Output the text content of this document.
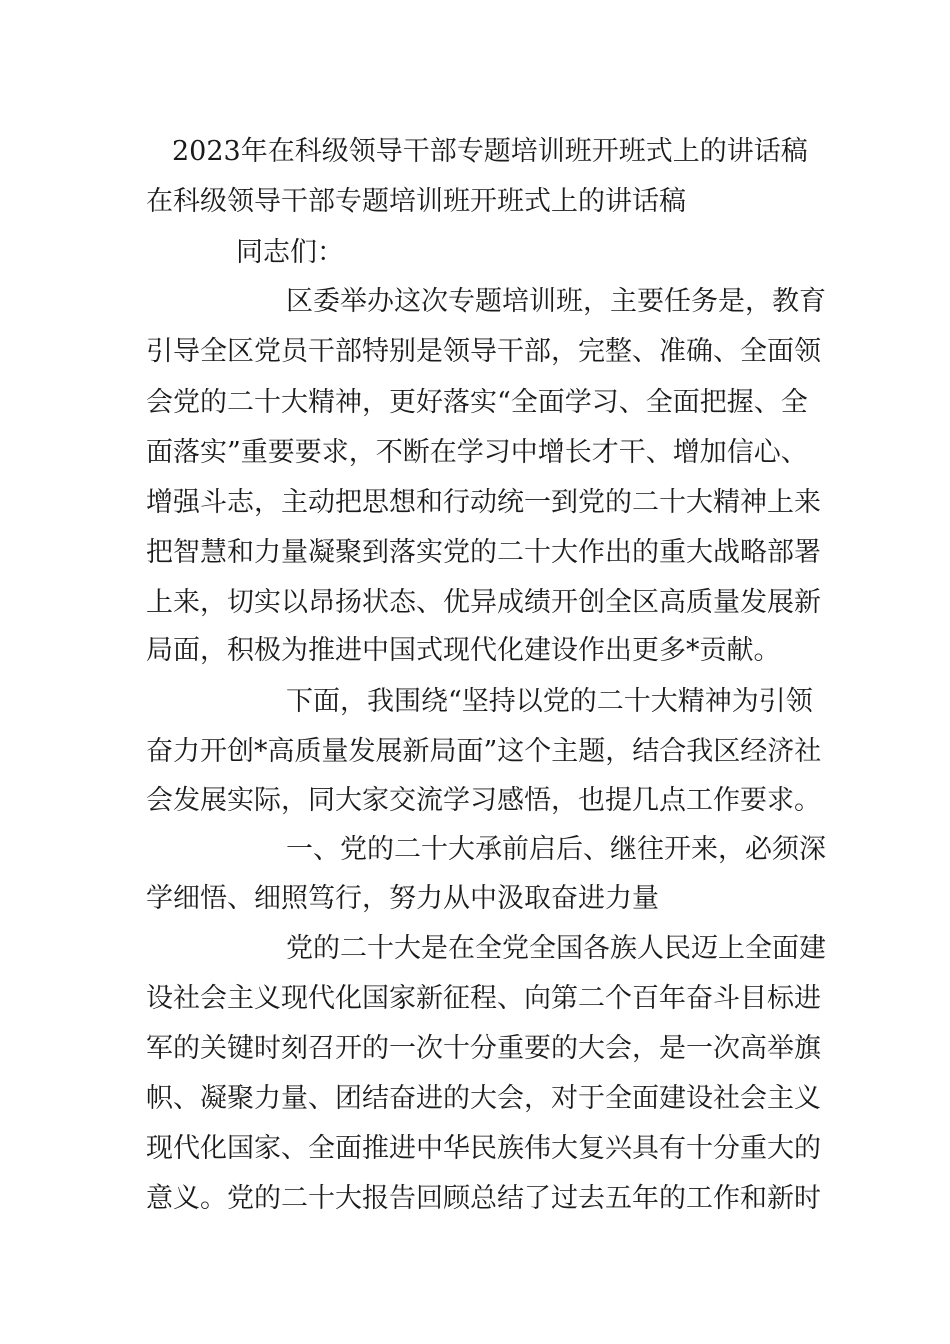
2023年在科级领导干部专题培训班开班式上的讲话稿
在科级领导干部专题培训班开班式上的讲话稿
同志们：
区委举办这次专题培训班，主要任务是，教育
引导全区党员干部特别是领导干部，完整、准确、全面领
会党的二十大精神，更好落实“全面学习、全面把握、全
面落实”重要要求，不断在学习中增长才干、增加信心、
增强斗志，主动把思想和行动统一到党的二十大精神上来
把智慧和力量凝聚到落实党的二十大作出的重大战略部署
上来，切实以昂扬状态、优异成绩开创全区高质量发展新
局面，积极为推进中国式现代化建设作出更多*贡献。
下面，我围绕“坚持以党的二十大精神为引领
奋力开创*高质量发展新局面”这个主题，结合我区经济社
会发展实际，同大家交流学习感悟，也提几点工作要求。
一、党的二十大承前启后、继往开来，必须深
学细悟、细照笃行，努力从中汲取奋进力量
党的二十大是在全党全国各族人民迈上全面建
设社会主义现代化国家新征程、向第二个百年奋斗目标进
军的关键时刻召开的一次十分重要的大会，是一次高举旗
帜、凝聚力量、团结奋进的大会，对于全面建设社会主义
现代化国家、全面推进中华民族伟大复兴具有十分重大的
意义。党的二十大报告回顾总结了过去五年的工作和新时
